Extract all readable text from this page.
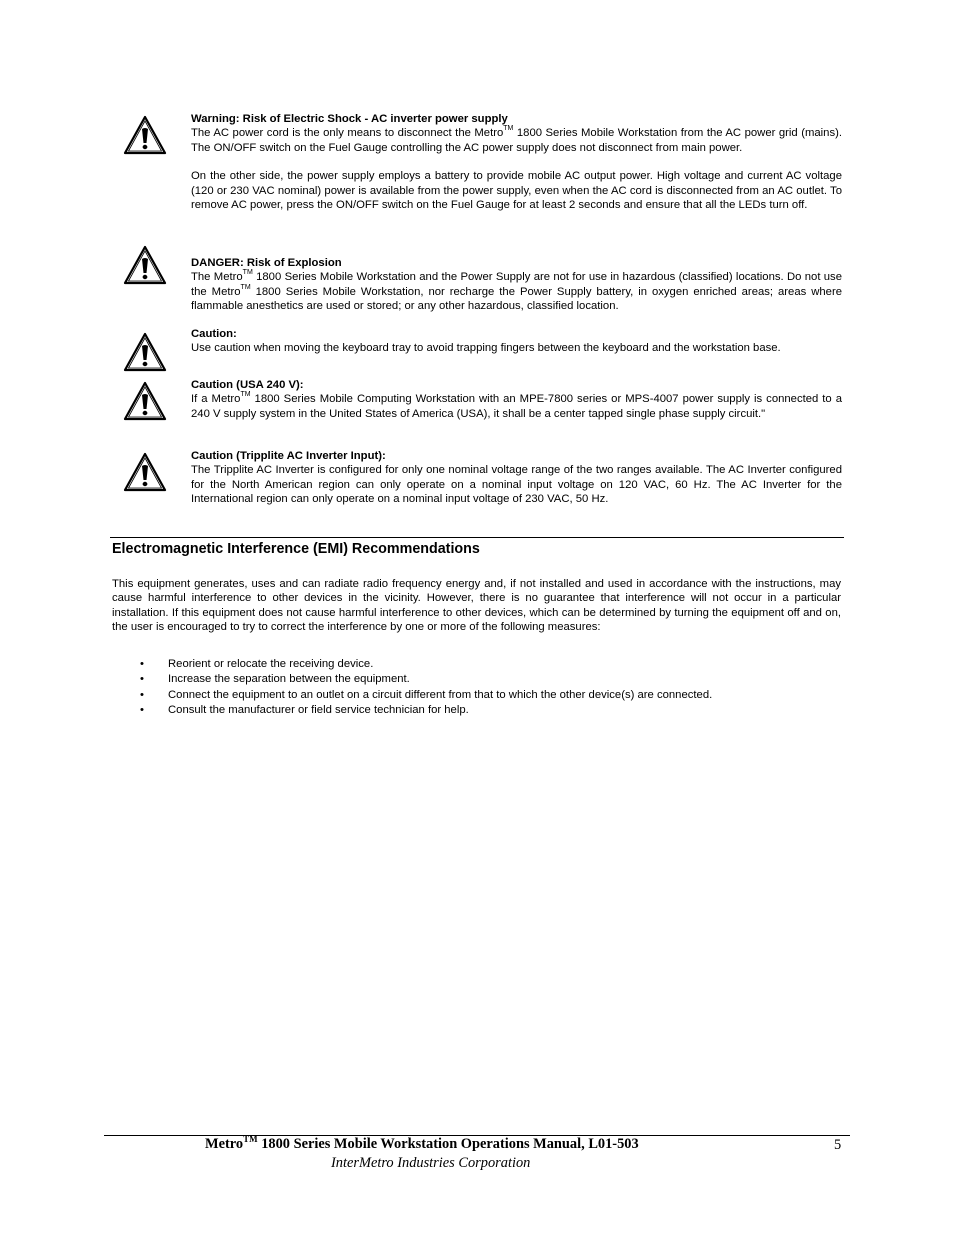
Warning: Risk of Electric Shock - AC inverter power supply
The AC power cord is the only means to disconnect the Metro™ 1800 Series Mobile Workstation from the AC power grid (mains). The ON/OFF switch on the Fuel Gauge controlling the AC power supply does not disconnect from main power.
On the other side, the power supply employs a battery to provide mobile AC output power. High voltage and current AC voltage (120 or 230 VAC nominal) power is available from the power supply, even when the AC cord is disconnected from an AC outlet. To remove AC power, press the ON/OFF switch on the Fuel Gauge for at least 2 seconds and ensure that all the LEDs turn off.
DANGER: Risk of Explosion
The Metro™ 1800 Series Mobile Workstation and the Power Supply are not for use in hazardous (classified) locations. Do not use the Metro™ 1800 Series Mobile Workstation, nor recharge the Power Supply battery, in oxygen enriched areas; areas where flammable anesthetics are used or stored; or any other hazardous, classified location.
Caution:
Use caution when moving the keyboard tray to avoid trapping fingers between the keyboard and the workstation base.
Caution (USA 240 V):
If a Metro™ 1800 Series Mobile Computing Workstation with an MPE-7800 series or MPS-4007 power supply is connected to a 240 V supply system in the United States of America (USA), it shall be a center tapped single phase supply circuit."
Caution (Tripplite AC Inverter Input):
The Tripplite AC Inverter is configured for only one nominal voltage range of the two ranges available. The AC Inverter configured for the North American region can only operate on a nominal input voltage on 120 VAC, 60 Hz. The AC Inverter for the International region can only operate on a nominal input voltage of 230 VAC, 50 Hz.
Electromagnetic Interference (EMI) Recommendations
This equipment generates, uses and can radiate radio frequency energy and, if not installed and used in accordance with the instructions, may cause harmful interference to other devices in the vicinity. However, there is no guarantee that interference will not occur in a particular installation. If this equipment does not cause harmful interference to other devices, which can be determined by turning the equipment off and on, the user is encouraged to try to correct the interference by one or more of the following measures:
• Reorient or relocate the receiving device.
• Increase the separation between the equipment.
• Connect the equipment to an outlet on a circuit different from that to which the other device(s) are connected.
• Consult the manufacturer or field service technician for help.
Metro™ 1800 Series Mobile Workstation Operations Manual, L01-503	5
InterMetro Industries Corporation
